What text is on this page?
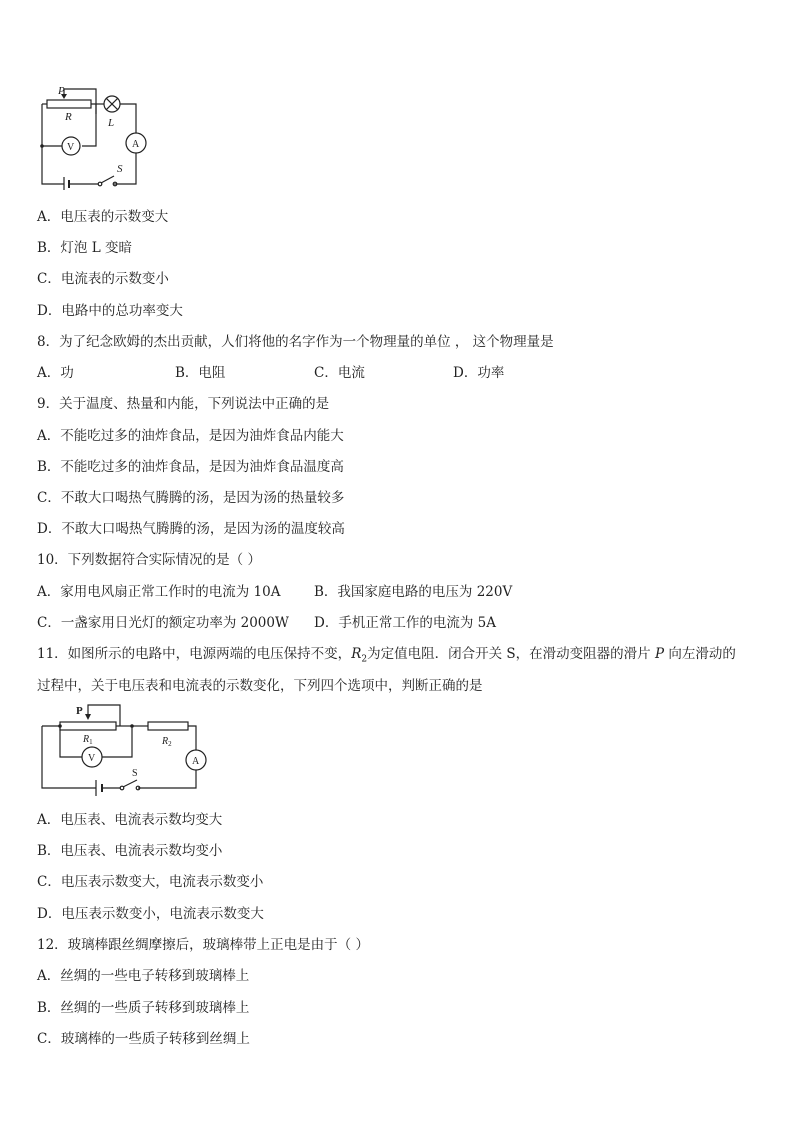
P
R	L
V	A
S
A．电压表的示数变大
B．灯泡 L 变暗
C．电流表的示数变小
D．电路中的总功率变大
8．为了纪念欧姆的杰出贡献，人们将他的名字作为一个物理量的单位 ， 这个物理量是
A．功	B．电阻	C．电流	D．功率
9．关于温度、热量和内能，下列说法中正确的是
A．不能吃过多的油炸食品，是因为油炸食品内能大
B．不能吃过多的油炸食品，是因为油炸食品温度高
C．不敢大口喝热气腾腾的汤，是因为汤的热量较多
D．不敢大口喝热气腾腾的汤，是因为汤的温度较高
10．下列数据符合实际情况的是（ ）
A．家用电风扇正常工作时的电流为 10A B．我国家庭电路的电压为 220V
C．一盏家用日光灯的额定功率为 2000W D．手机正常工作的电流为 5A
11．如图所示的电路中，电源两端的电压保持不变，$R_2$为定值电阻．闭合开关 S，在滑动变阻器的滑片 P 向左滑动的
过程中，关于电压表和电流表的示数变化，下列四个选项中，判断正确的是
P
$R_1$	$R_2$
V	A
S
A．电压表、电流表示数均变大
B．电压表、电流表示数均变小
C．电压表示数变大，电流表示数变小
D．电压表示数变小，电流表示数变大
12．玻璃棒跟丝绸摩擦后，玻璃棒带上正电是由于（ ）
A．丝绸的一些电子转移到玻璃棒上
B．丝绸的一些质子转移到玻璃棒上
C．玻璃棒的一些质子转移到丝绸上
